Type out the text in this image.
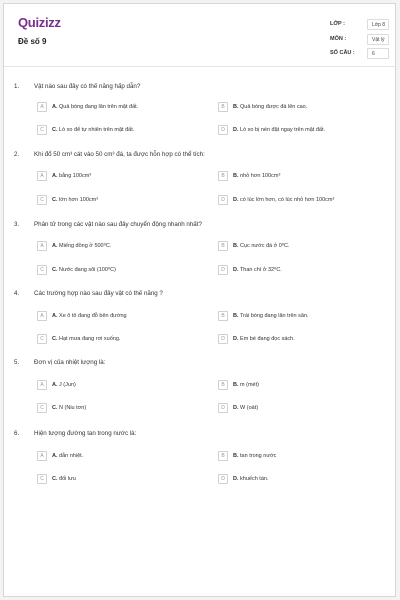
Quizizz
Đề số 9
LỚP :	Lớp 8
MÔN :	Vật lý
SỐ CÂU :	6
1. Vật nào sau đây có thế năng hấp dẫn?
A	A. Quả bóng đang lăn trên mặt đất.	B	B. Quả bóng được đá lên cao.
C	C. Lò xo để tự nhiên trên mặt đất.	D	D. Lò xo bị nén đặt ngay trên mặt đất.
2. Khi đổ 50 cm³ cát vào 50 cm³ đá, ta được hỗn hợp có thể tích:
A	A. bằng 100cm³	B	B. nhỏ hơn 100cm³
C	C. lớn hơn 100cm³	D	D. có lúc lớn hơn, có lúc nhỏ hơn 100cm³
3. Phân tử trong các vật nào sau đây chuyển động nhanh nhất?
A	A. Miếng đồng ở 500⁰C.	B	B. Cục nước đá ở 0⁰C.
C	C. Nước đang sôi (100⁰C)	D	D. Than chì ở 32⁰C.
4. Các trường hợp nào sau đây vật có thế năng ?
A	A. Xe ô tô đang đỗ bên đường	B	B. Trái bóng đang lăn trên sân.
C	C. Hạt mưa đang rơi xuống.	D	D. Em bé đang đọc sách.
5. Đơn vị của nhiệt lượng là:
A	A. J (Jun)	B	B. m (mét)
C	C. N (Niu tơn)	D	D. W (oát)
6. Hiện tượng đường tan trong nước là:
A	A. dẫn nhiệt.	B	B. tan trong nước
C	C. đối lưu	D	D. khuếch tán.
